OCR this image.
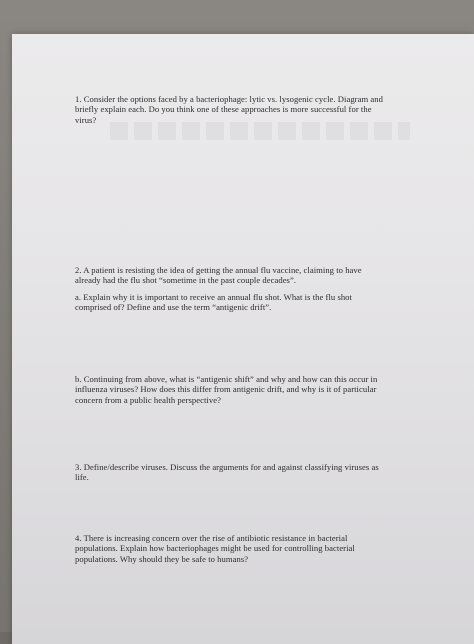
1. Consider the options faced by a bacteriophage: lytic vs. lysogenic cycle. Diagram and
briefly explain each. Do you think one of these approaches is more successful for the
virus?

2. A patient is resisting the idea of getting the annual flu vaccine, claiming to have
already had the flu shot “sometime in the past couple decades”.

a. Explain why it is important to receive an annual flu shot. What is the flu shot
comprised of? Define and use the term “antigenic drift”.

b. Continuing from above, what is “antigenic shift” and why and how can this occur in
influenza viruses? How does this differ from antigenic drift, and why is it of particular
concern from a public health perspective?

3. Define/describe viruses. Discuss the arguments for and against classifying viruses as
life.

4. There is increasing concern over the rise of antibiotic resistance in bacterial
populations. Explain how bacteriophages might be used for controlling bacterial
populations. Why should they be safe to humans?
